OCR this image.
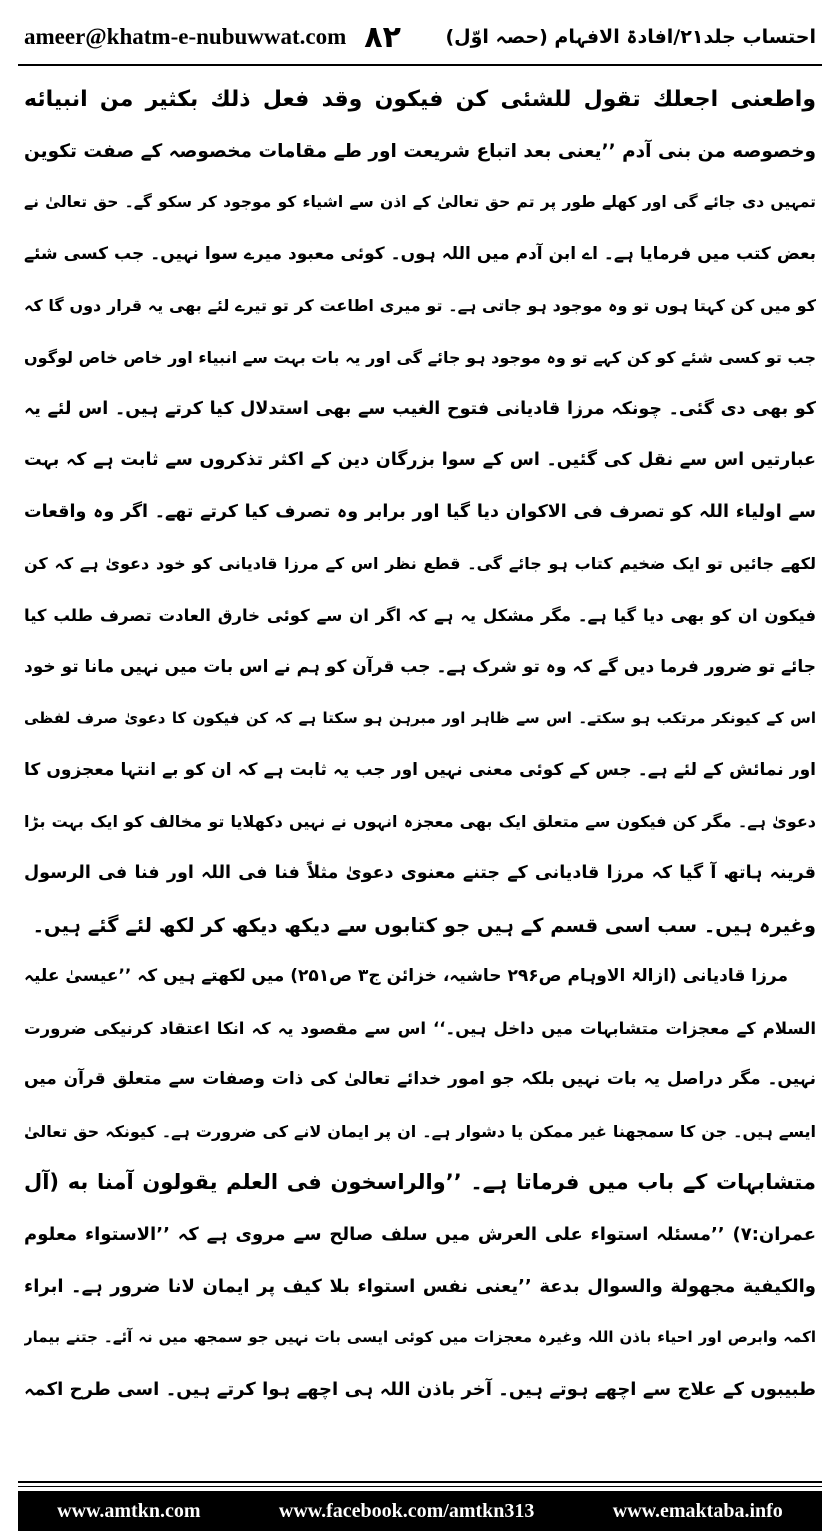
ameer@khatm-e-nubuwwat.com ۸۲ احتساب جلد۲۱/افادۃ الافہام (حصہ اوّل)
واطعنى اجعلك تقول للشئى كن فيكون وقد فعل ذلك بكثير من انبيائه
وخصوصه من بنى آدم ’’یعنی بعد اتباع شریعت اور طے مقامات مخصوصہ کے صفت تکوین
تمہیں دی جائے گی اور کھلے طور پر تم حق تعالیٰ کے اذن سے اشیاء کو موجود کر سکو گے۔ حق تعالیٰ نے
بعض کتب میں فرمایا ہے۔ اے ابن آدم میں اللہ ہوں۔ کوئی معبود میرے سوا نہیں۔ جب کسی شئے
کو میں کن کہتا ہوں تو وہ موجود ہو جاتی ہے۔ تو میری اطاعت کر تو تیرے لئے بھی یہ قرار دوں گا کہ
جب تو کسی شئے کو کن کہے تو وہ موجود ہو جائے گی اور یہ بات بہت سے انبیاء اور خاص خاص لوگوں
کو بھی دی گئی۔ چونکہ مرزا قادیانی فتوح الغیب سے بھی استدلال کیا کرتے ہیں۔ اس لئے یہ
عبارتیں اس سے نقل کی گئیں۔ اس کے سوا بزرگان دین کے اکثر تذکروں سے ثابت ہے کہ بہت
سے اولیاء اللہ کو تصرف فی الاکوان دیا گیا اور برابر وہ تصرف کیا کرتے تھے۔ اگر وہ واقعات
لکھے جائیں تو ایک ضخیم کتاب ہو جائے گی۔ قطع نظر اس کے مرزا قادیانی کو خود دعویٰ ہے کہ کن
فیکون ان کو بھی دیا گیا ہے۔ مگر مشکل یہ ہے کہ اگر ان سے کوئی خارق العادت تصرف طلب کیا
جائے تو ضرور فرما دیں گے کہ وہ تو شرک ہے۔ جب قرآن کو ہم نے اس بات میں نہیں مانا تو خود
اس کے کیونکر مرتکب ہو سکتے۔ اس سے ظاہر اور مبرہن ہو سکتا ہے کہ کن فیکون کا دعویٰ صرف لفظی
اور نمائش کے لئے ہے۔ جس کے کوئی معنی نہیں اور جب یہ ثابت ہے کہ ان کو بے انتہا معجزوں کا
دعویٰ ہے۔ مگر کن فیکون سے متعلق ایک بھی معجزہ انہوں نے نہیں دکھلایا تو مخالف کو ایک بہت بڑا
قرینہ ہاتھ آ گیا کہ مرزا قادیانی کے جتنے معنوی دعویٰ مثلاً فنا فی اللہ اور فنا فی الرسول
وغیرہ ہیں۔ سب اسی قسم کے ہیں جو کتابوں سے دیکھ دیکھ کر لکھ لئے گئے ہیں۔
مرزا قادیانی (ازالۃ الاوہام ص۲۹۶ حاشیہ، خزائن ج۳ ص۲۵۱) میں لکھتے ہیں کہ ’’عیسیٰ علیہ
السلام کے معجزات متشابہات میں داخل ہیں۔‘‘ اس سے مقصود یہ کہ انکا اعتقاد کرنیکی ضرورت
نہیں۔ مگر دراصل یہ بات نہیں بلکہ جو امور خدائے تعالیٰ کی ذات وصفات سے متعلق قرآن میں
ایسے ہیں۔ جن کا سمجھنا غیر ممکن یا دشوار ہے۔ ان پر ایمان لانے کی ضرورت ہے۔ کیونکہ حق تعالیٰ
متشابہات کے باب میں فرماتا ہے۔ ’’والراسخون فى العلم يقولون آمنا به (آل
عمران:۷) ’’مسئلہ استواء علی العرش میں سلف صالح سے مروی ہے کہ ’’الاستواء معلوم
والكيفية مجهولة والسوال بدعة ’’یعنی نفس استواء بلا کیف پر ایمان لانا ضرور ہے۔ ابراء
اکمہ وابرص اور احیاء باذن اللہ وغیرہ معجزات میں کوئی ایسی بات نہیں جو سمجھ میں نہ آئے۔ جتنے بیمار
طبیبوں کے علاج سے اچھے ہوتے ہیں۔ آخر باذن اللہ ہی اچھے ہوا کرتے ہیں۔ اسی طرح اکمہ
www.amtkn.com	www.facebook.com/amtkn313	www.emaktaba.info
